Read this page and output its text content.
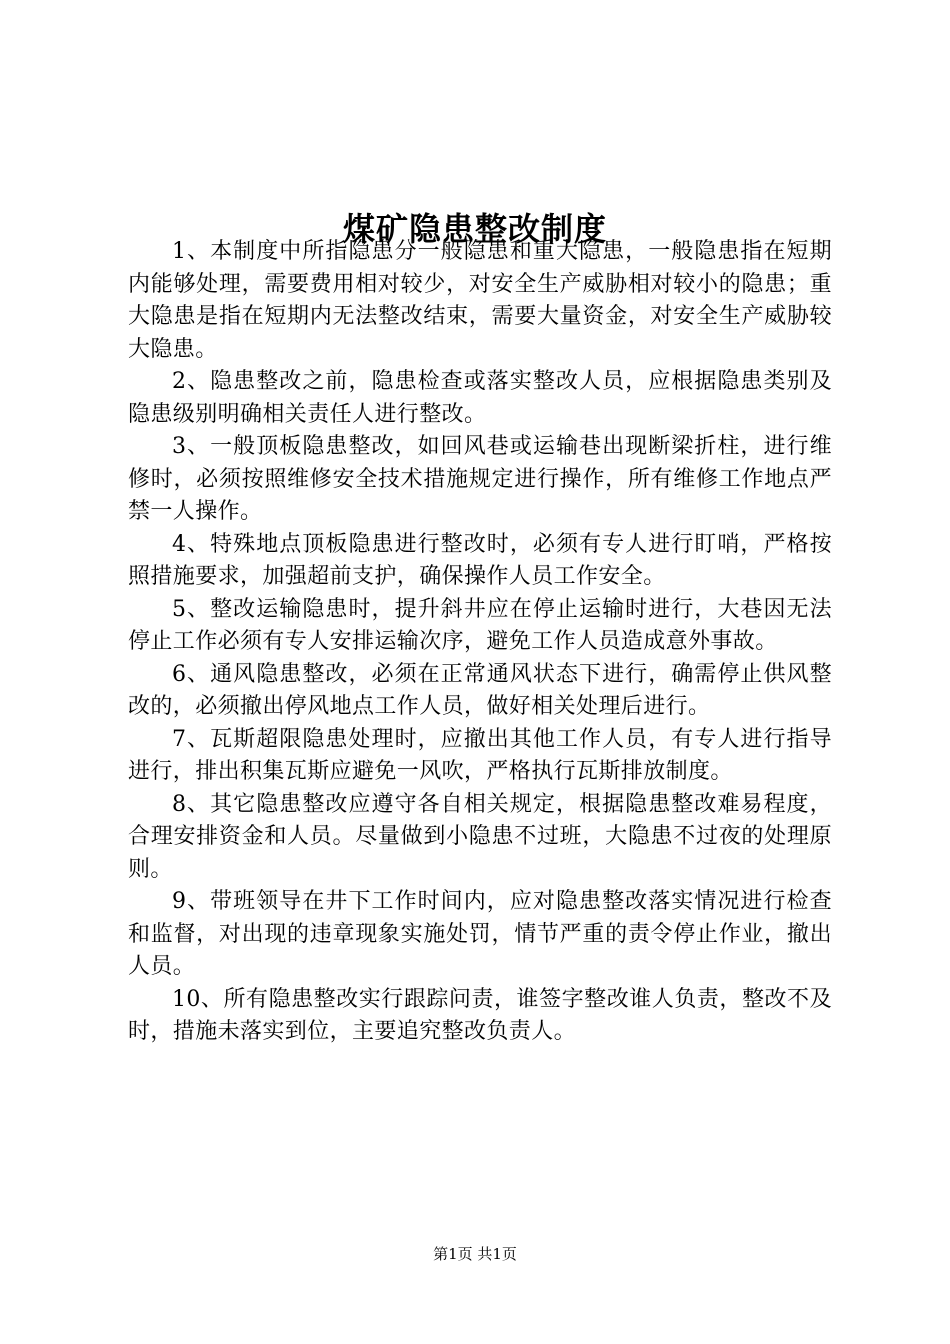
煤矿隐患整改制度

1、本制度中所指隐患分一般隐患和重大隐患，一般隐患指在短期内能够处理，需要费用相对较少，对安全生产威胁相对较小的隐患；重大隐患是指在短期内无法整改结束，需要大量资金，对安全生产威胁较大隐患。

2、隐患整改之前，隐患检查或落实整改人员，应根据隐患类别及隐患级别明确相关责任人进行整改。

3、一般顶板隐患整改，如回风巷或运输巷出现断梁折柱，进行维修时，必须按照维修安全技术措施规定进行操作，所有维修工作地点严禁一人操作。

4、特殊地点顶板隐患进行整改时，必须有专人进行盯哨，严格按照措施要求，加强超前支护，确保操作人员工作安全。

5、整改运输隐患时，提升斜井应在停止运输时进行，大巷因无法停止工作必须有专人安排运输次序，避免工作人员造成意外事故。

6、通风隐患整改，必须在正常通风状态下进行，确需停止供风整改的，必须撤出停风地点工作人员，做好相关处理后进行。

7、瓦斯超限隐患处理时，应撤出其他工作人员，有专人进行指导进行，排出积集瓦斯应避免一风吹，严格执行瓦斯排放制度。

8、其它隐患整改应遵守各自相关规定，根据隐患整改难易程度，合理安排资金和人员。尽量做到小隐患不过班，大隐患不过夜的处理原则。

9、带班领导在井下工作时间内，应对隐患整改落实情况进行检查和监督，对出现的违章现象实施处罚，情节严重的责令停止作业，撤出人员。

10、所有隐患整改实行跟踪问责，谁签字整改谁人负责，整改不及时，措施未落实到位，主要追究整改负责人。

第1页 共1页
